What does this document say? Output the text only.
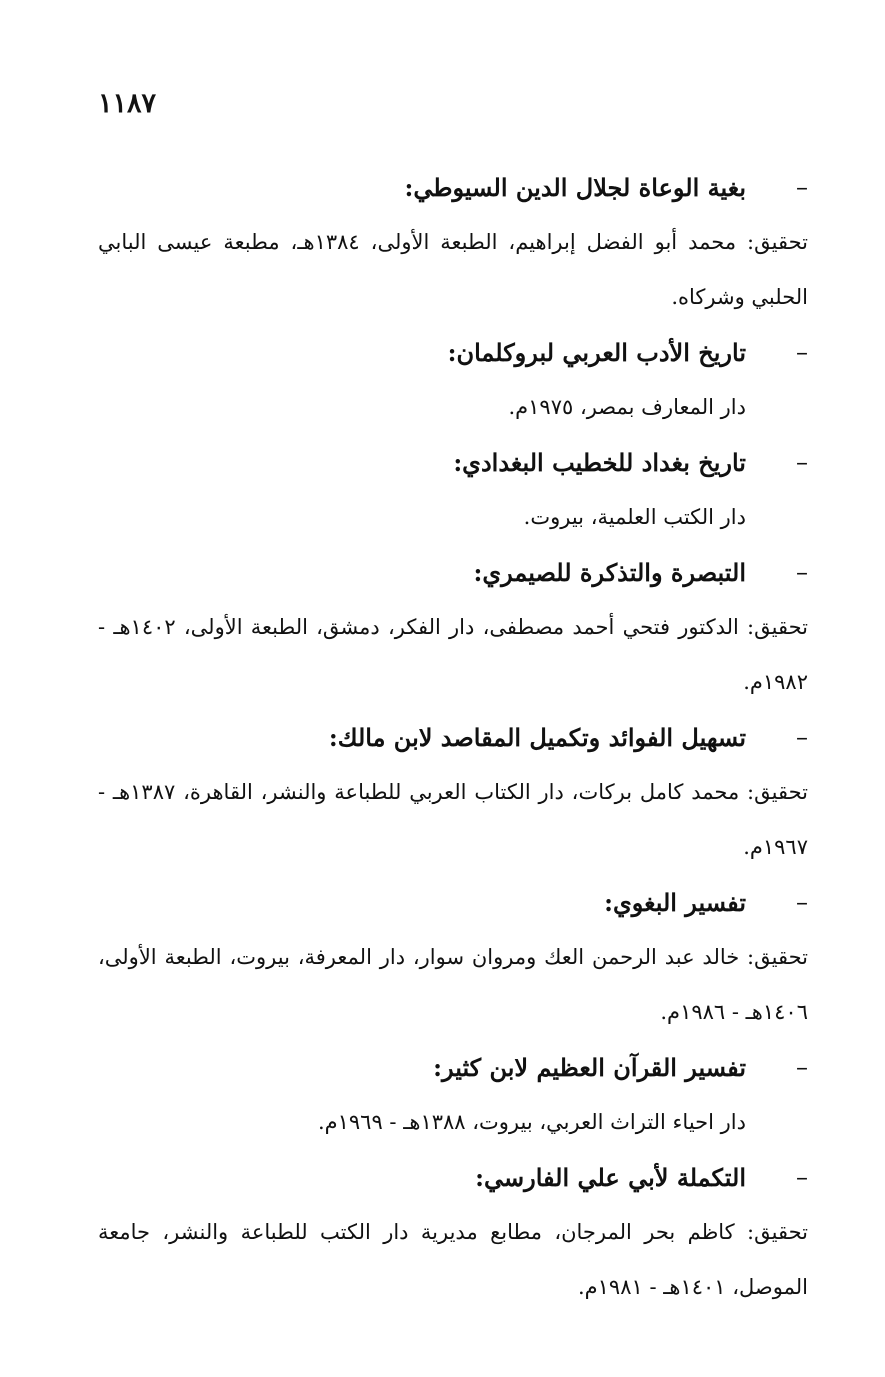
١١٨٧
–
بغية الوعاة لجلال الدين السيوطي:
تحقيق: محمد أبو الفضل إبراهيم، الطبعة الأولى، ١٣٨٤هـ، مطبعة عيسى البابي الحلبي وشركاه.
–
تاريخ الأدب العربي لبروكلمان:
دار المعارف بمصر، ١٩٧٥م.
–
تاريخ بغداد للخطيب البغدادي:
دار الكتب العلمية، بيروت.
–
التبصرة والتذكرة للصيمري:
تحقيق: الدكتور فتحي أحمد مصطفى، دار الفكر، دمشق، الطبعة الأولى، ١٤٠٢هـ - ١٩٨٢م.
–
تسهيل الفوائد وتكميل المقاصد لابن مالك:
تحقيق: محمد كامل بركات، دار الكتاب العربي للطباعة والنشر، القاهرة، ١٣٨٧هـ - ١٩٦٧م.
–
تفسير البغوي:
تحقيق: خالد عبد الرحمن العك ومروان سوار، دار المعرفة، بيروت، الطبعة الأولى، ١٤٠٦هـ - ١٩٨٦م.
–
تفسير القرآن العظيم لابن كثير:
دار احياء التراث العربي، بيروت، ١٣٨٨هـ - ١٩٦٩م.
–
التكملة لأبي علي الفارسي:
تحقيق: كاظم بحر المرجان، مطابع مديرية دار الكتب للطباعة والنشر، جامعة الموصل، ١٤٠١هـ - ١٩٨١م.
